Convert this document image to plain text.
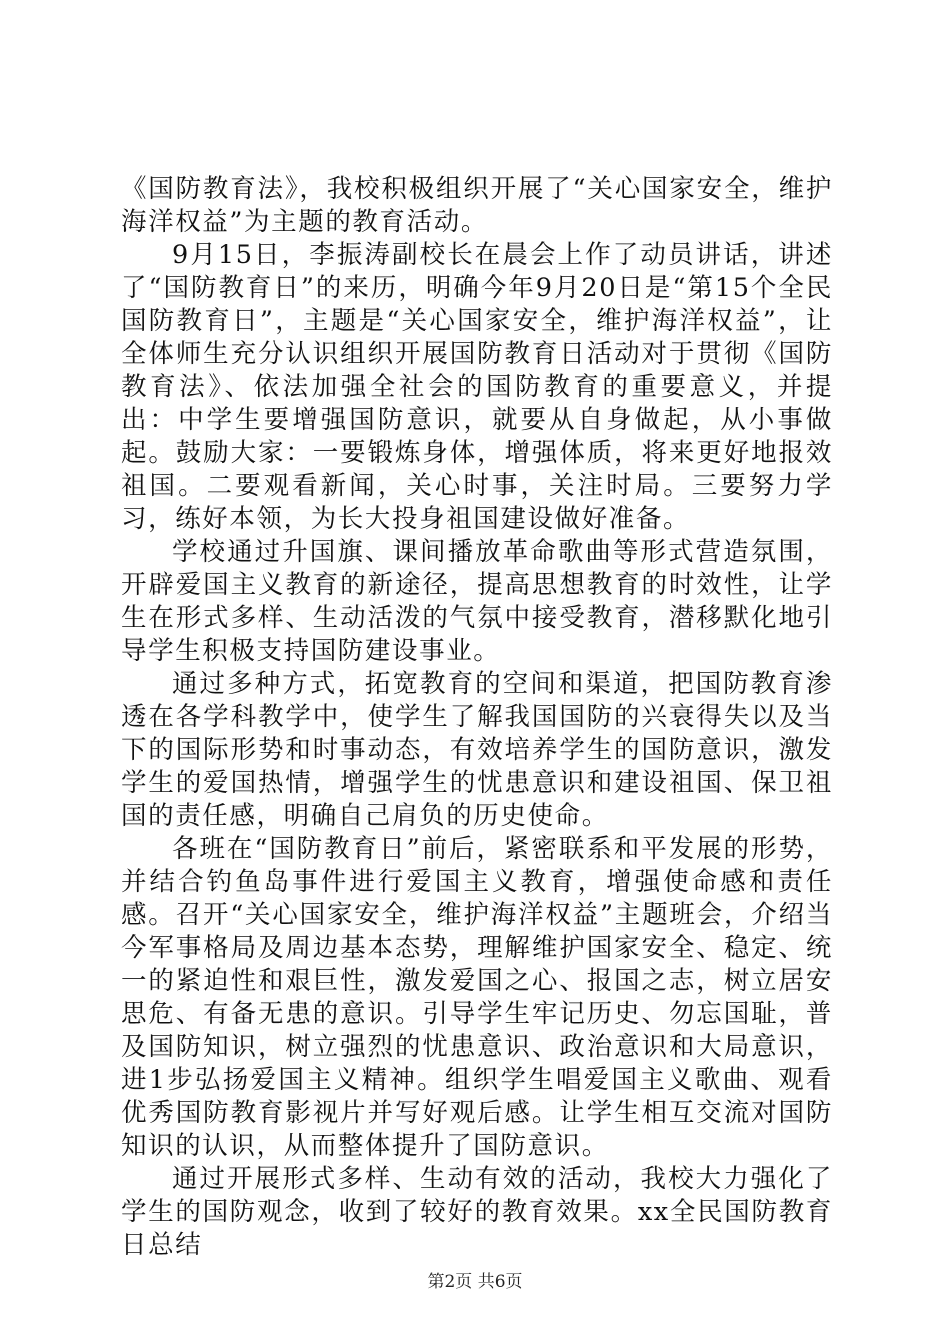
《国防教育法》，我校积极组织开展了“关心国家安全，维护海洋权益”为主题的教育活动。

9月15日，李振涛副校长在晨会上作了动员讲话，讲述了“国防教育日”的来历，明确今年9月20日是“第15个全民国防教育日”，主题是“关心国家安全，维护海洋权益”，让全体师生充分认识组织开展国防教育日活动对于贯彻《国防教育法》、依法加强全社会的国防教育的重要意义，并提出：中学生要增强国防意识，就要从自身做起，从小事做起。鼓励大家：一要锻炼身体，增强体质，将来更好地报效祖国。二要观看新闻，关心时事，关注时局。三要努力学习，练好本领，为长大投身祖国建设做好准备。

学校通过升国旗、课间播放革命歌曲等形式营造氛围，开辟爱国主义教育的新途径，提高思想教育的时效性，让学生在形式多样、生动活泼的气氛中接受教育，潜移默化地引导学生积极支持国防建设事业。

通过多种方式，拓宽教育的空间和渠道，把国防教育渗透在各学科教学中，使学生了解我国国防的兴衰得失以及当下的国际形势和时事动态，有效培养学生的国防意识，激发学生的爱国热情，增强学生的忧患意识和建设祖国、保卫祖国的责任感，明确自己肩负的历史使命。

各班在“国防教育日”前后，紧密联系和平发展的形势，并结合钓鱼岛事件进行爱国主义教育，增强使命感和责任感。召开“关心国家安全，维护海洋权益”主题班会，介绍当今军事格局及周边基本态势，理解维护国家安全、稳定、统一的紧迫性和艰巨性，激发爱国之心、报国之志，树立居安思危、有备无患的意识。引导学生牢记历史、勿忘国耻，普及国防知识，树立强烈的忧患意识、政治意识和大局意识，进1步弘扬爱国主义精神。组织学生唱爱国主义歌曲、观看优秀国防教育影视片并写好观后感。让学生相互交流对国防知识的认识，从而整体提升了国防意识。

通过开展形式多样、生动有效的活动，我校大力强化了学生的国防观念，收到了较好的教育效果。xx全民国防教育日总结

第2页 共6页
